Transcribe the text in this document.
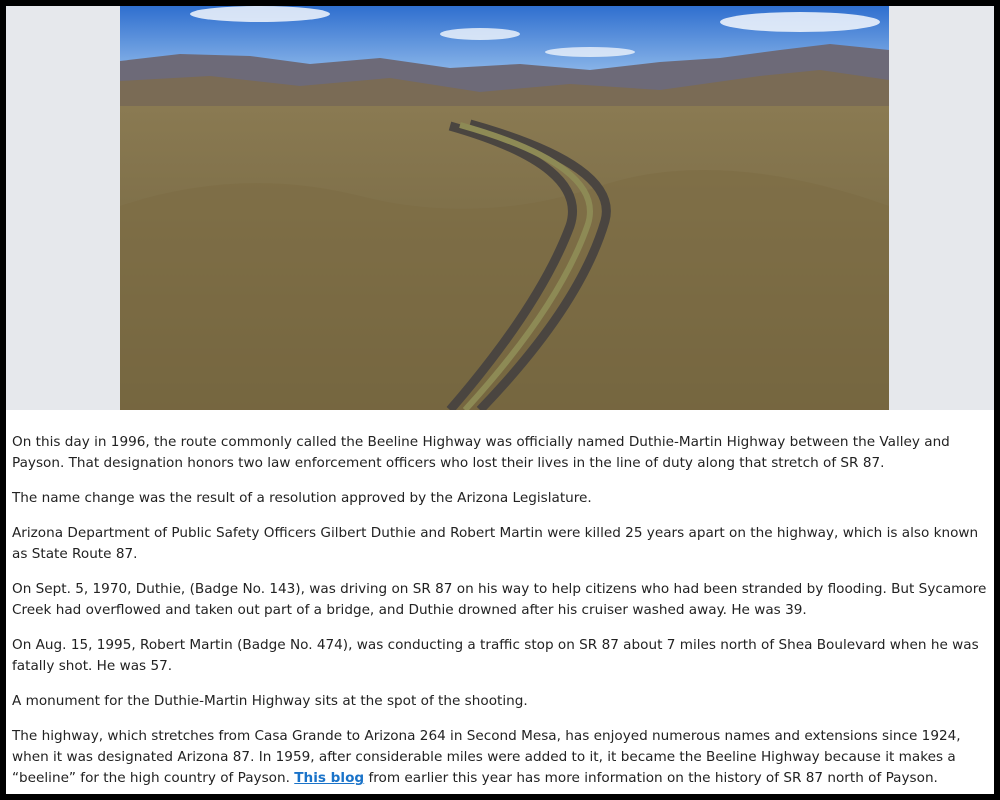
On this day in 1996, the route commonly called the Beeline Highway was officially named Duthie-Martin Highway between the Valley and Payson. That designation honors two law enforcement officers who lost their lives in the line of duty along that stretch of SR 87.

The name change was the result of a resolution approved by the Arizona Legislature.

Arizona Department of Public Safety Officers Gilbert Duthie and Robert Martin were killed 25 years apart on the highway, which is also known as State Route 87.

On Sept. 5, 1970, Duthie, (Badge No. 143), was driving on SR 87 on his way to help citizens who had been stranded by flooding. But Sycamore Creek had overflowed and taken out part of a bridge, and Duthie drowned after his cruiser washed away. He was 39.

On Aug. 15, 1995, Robert Martin (Badge No. 474), was conducting a traffic stop on SR 87 about 7 miles north of Shea Boulevard when he was fatally shot. He was 57.

A monument for the Duthie-Martin Highway sits at the spot of the shooting.

The highway, which stretches from Casa Grande to Arizona 264 in Second Mesa, has enjoyed numerous names and extensions since 1924, when it was designated Arizona 87. In 1959, after considerable miles were added to it, it became the Beeline Highway because it makes a “beeline” for the high country of Payson. This blog from earlier this year has more information on the history of SR 87 north of Payson.
